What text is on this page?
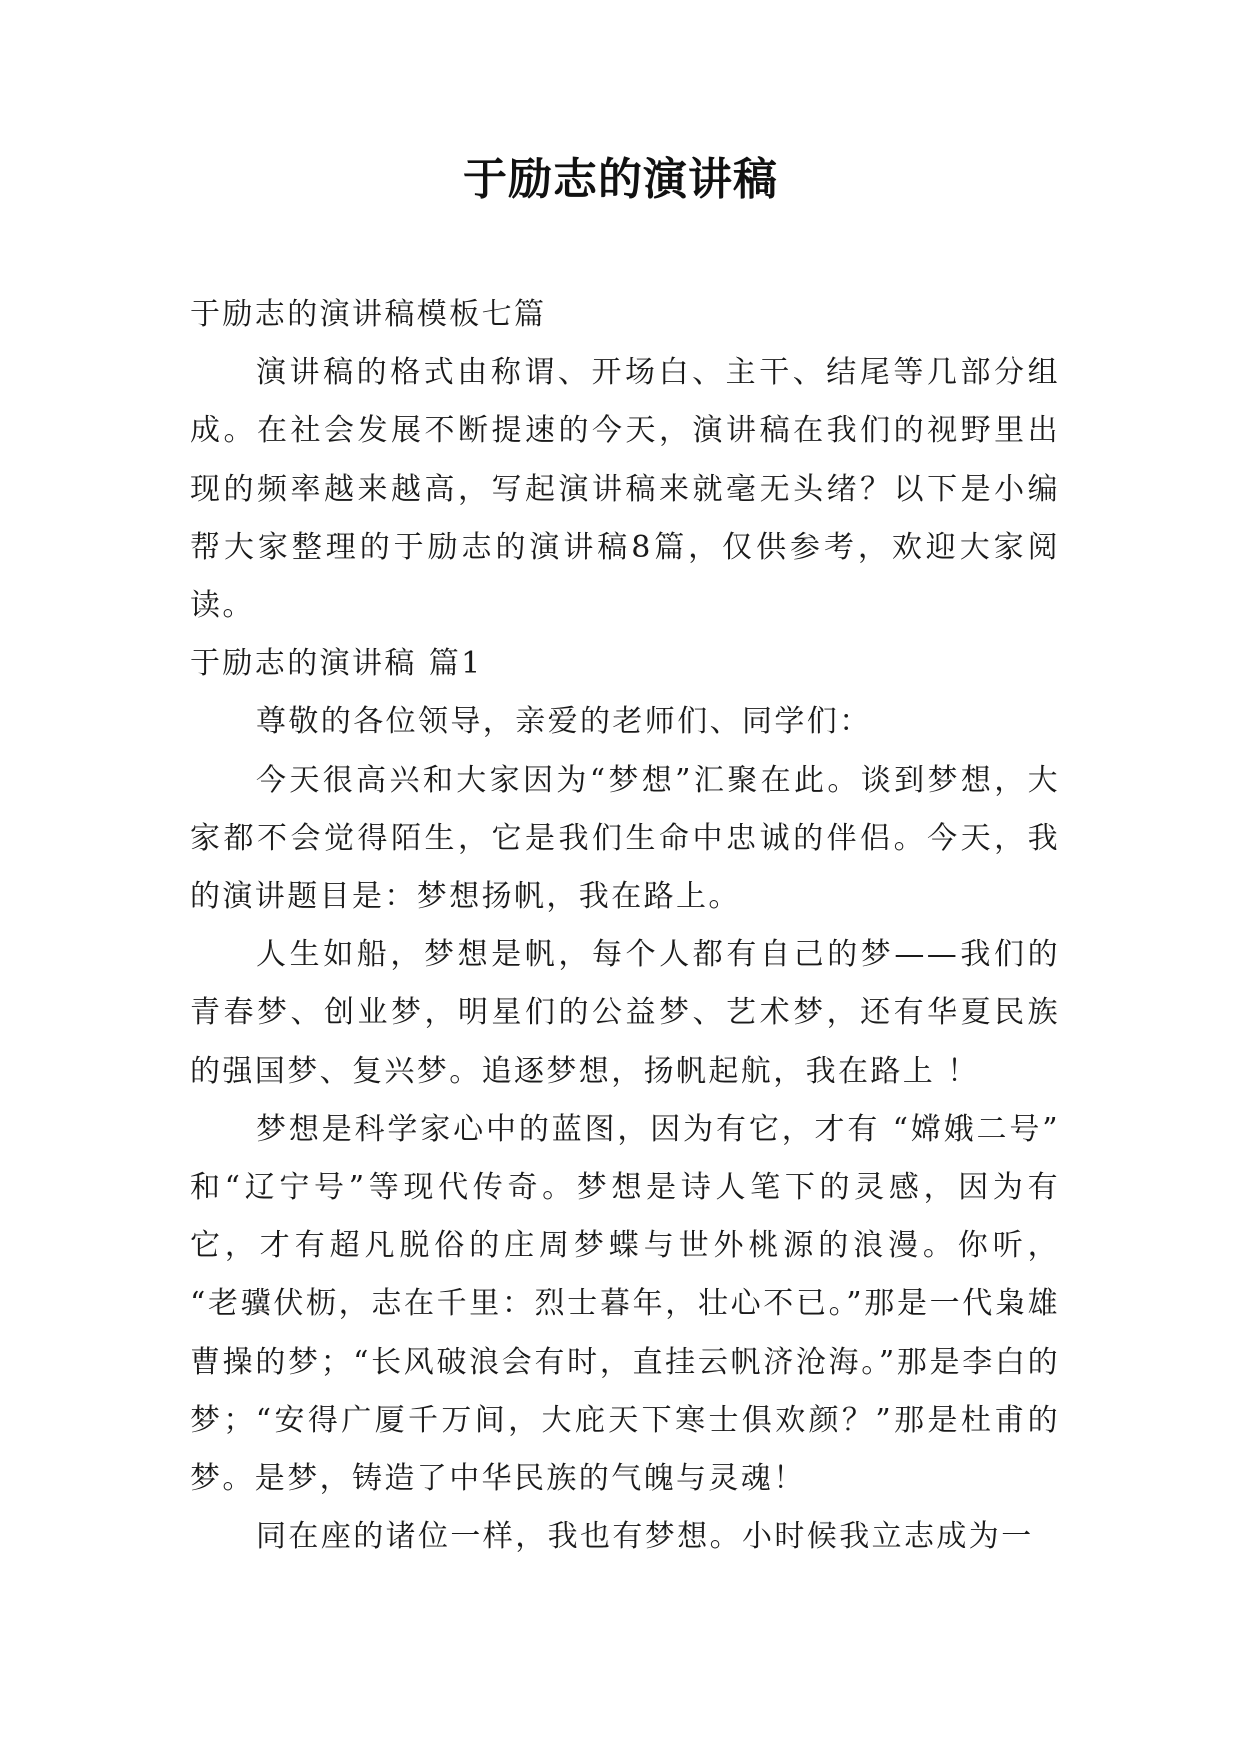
于励志的演讲稿

于励志的演讲稿模板七篇

演讲稿的格式由称谓、开场白、主干、结尾等几部分组成。在社会发展不断提速的今天，演讲稿在我们的视野里出现的频率越来越高，写起演讲稿来就毫无头绪？以下是小编帮大家整理的于励志的演讲稿8篇，仅供参考，欢迎大家阅读。

于励志的演讲稿 篇1

尊敬的各位领导，亲爱的老师们、同学们：

今天很高兴和大家因为“梦想”汇聚在此。谈到梦想，大家都不会觉得陌生，它是我们生命中忠诚的伴侣。今天，我的演讲题目是：梦想扬帆，我在路上。

人生如船，梦想是帆，每个人都有自己的梦——我们的青春梦、创业梦，明星们的公益梦、艺术梦，还有华夏民族的强国梦、复兴梦。追逐梦想，扬帆起航，我在路上 ！

梦想是科学家心中的蓝图，因为有它，才有 “嫦娥二号” 和“辽宁号”等现代传奇。梦想是诗人笔下的灵感，因为有它，才有超凡脱俗的庄周梦蝶与世外桃源的浪漫。你听， “老骥伏枥，志在千里：烈士暮年，壮心不已。”那是一代枭雄曹操的梦；“长风破浪会有时，直挂云帆济沧海。”那是李白的梦；“安得广厦千万间，大庇天下寒士俱欢颜？”那是杜甫的梦。是梦，铸造了中华民族的气魄与灵魂！

同在座的诸位一样，我也有梦想。小时候我立志成为一
